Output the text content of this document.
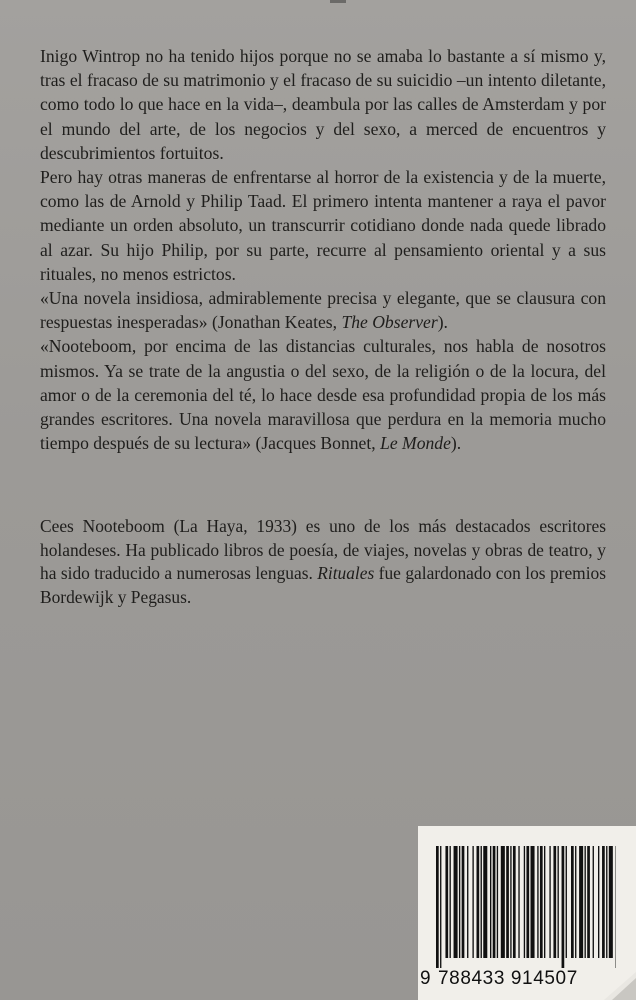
Inigo Wintrop no ha tenido hijos porque no se amaba lo bastante a sí mismo y, tras el fracaso de su matrimonio y el fracaso de su suicidio –un intento diletante, como todo lo que hace en la vida–, deambula por las calles de Amsterdam y por el mundo del arte, de los negocios y del sexo, a merced de encuentros y descubrimientos fortuitos.

Pero hay otras maneras de enfrentarse al horror de la existencia y de la muerte, como las de Arnold y Philip Taad. El primero intenta mantener a raya el pavor mediante un orden absoluto, un transcurrir cotidiano donde nada quede librado al azar. Su hijo Philip, por su parte, recurre al pensamiento oriental y a sus rituales, no menos estrictos.

«Una novela insidiosa, admirablemente precisa y elegante, que se clausura con respuestas inesperadas» (Jonathan Keates, The Observer).

«Nooteboom, por encima de las distancias culturales, nos habla de nosotros mismos. Ya se trate de la angustia o del sexo, de la religión o de la locura, del amor o de la ceremonia del té, lo hace desde esa profundidad propia de los más grandes escritores. Una novela maravillosa que perdura en la memoria mucho tiempo después de su lectura» (Jacques Bonnet, Le Monde).

Cees Nooteboom (La Haya, 1933) es uno de los más destacados escritores holandeses. Ha publicado libros de poesía, de viajes, novelas y obras de teatro, y ha sido traducido a numerosas lenguas. Rituales fue galardonado con los premios Bordewijk y Pegasus.

9 788433 914507
